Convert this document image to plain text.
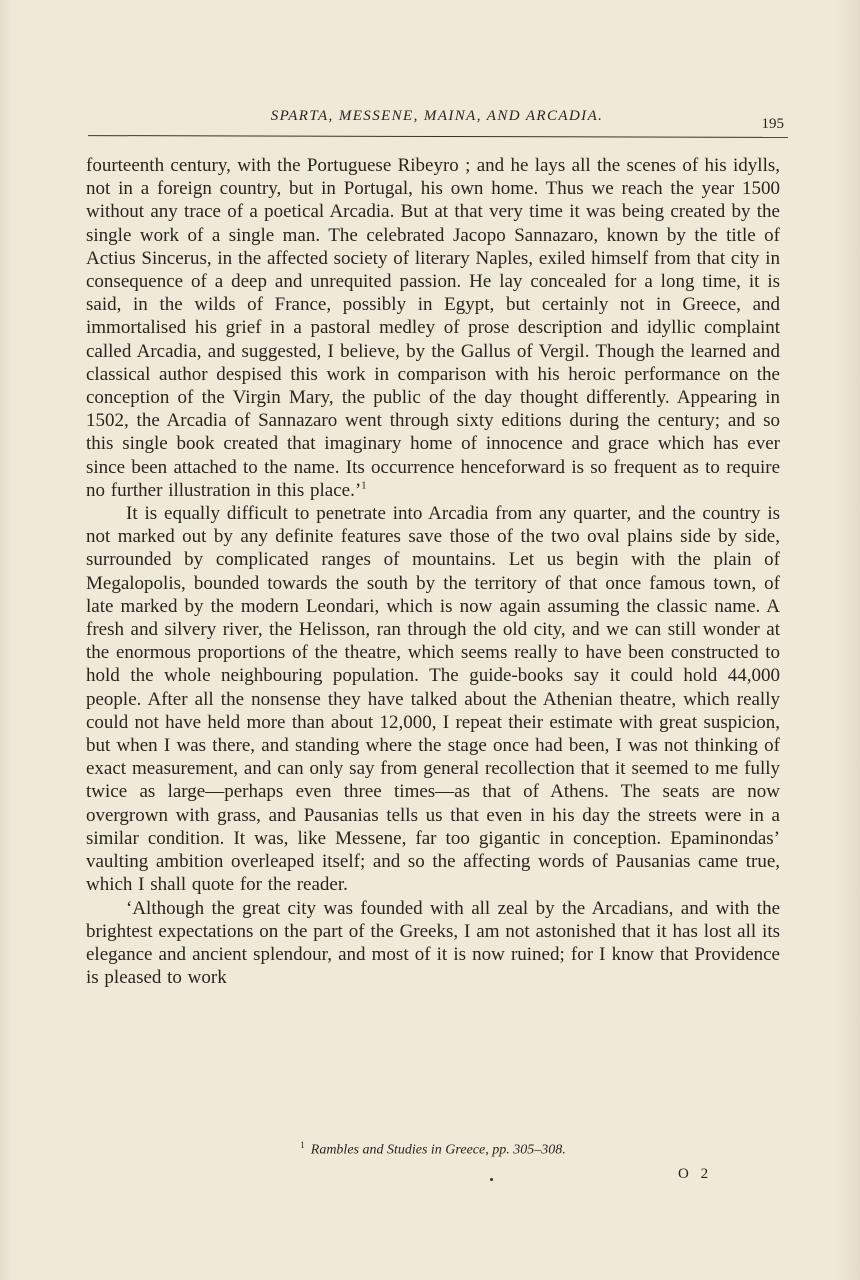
SPARTA, MESSENE, MAINA, AND ARCADIA.	195

fourteenth century, with the Portuguese Ribeyro ; and he lays all the scenes of his idylls, not in a foreign country, but in Portugal, his own home. Thus we reach the year 1500 without any trace of a poetical Arcadia. But at that very time it was being created by the single work of a single man. The celebrated Jacopo Sannazaro, known by the title of Actius Sincerus, in the affected society of literary Naples, exiled himself from that city in consequence of a deep and unrequited passion. He lay concealed for a long time, it is said, in the wilds of France, possibly in Egypt, but certainly not in Greece, and immortalised his grief in a pastoral medley of prose description and idyllic complaint called Arcadia, and suggested, I believe, by the Gallus of Vergil. Though the learned and classical author despised this work in comparison with his heroic performance on the conception of the Virgin Mary, the public of the day thought differently. Appearing in 1502, the Arcadia of Sannazaro went through sixty editions during the century; and so this single book created that imaginary home of innocence and grace which has ever since been attached to the name. Its occurrence henceforward is so frequent as to require no further illustration in this place.’$^1$

It is equally difficult to penetrate into Arcadia from any quarter, and the country is not marked out by any definite features save those of the two oval plains side by side, surrounded by complicated ranges of mountains. Let us begin with the plain of Megalopolis, bounded towards the south by the territory of that once famous town, of late marked by the modern Leondari, which is now again assuming the classic name. A fresh and silvery river, the Helisson, ran through the old city, and we can still wonder at the enormous proportions of the theatre, which seems really to have been constructed to hold the whole neighbouring population. The guide-books say it could hold 44,000 people. After all the nonsense they have talked about the Athenian theatre, which really could not have held more than about 12,000, I repeat their estimate with great suspicion, but when I was there, and standing where the stage once had been, I was not thinking of exact measurement, and can only say from general recollection that it seemed to me fully twice as large—perhaps even three times—as that of Athens. The seats are now overgrown with grass, and Pausanias tells us that even in his day the streets were in a similar condition. It was, like Messene, far too gigantic in conception. Epaminondas’ vaulting ambition overleaped itself; and so the affecting words of Pausanias came true, which I shall quote for the reader.

‘Although the great city was founded with all zeal by the Arcadians, and with the brightest expectations on the part of the Greeks, I am not astonished that it has lost all its elegance and ancient splendour, and most of it is now ruined; for I know that Providence is pleased to work

$^1$ Rambles and Studies in Greece, pp. 305–308.
O 2
